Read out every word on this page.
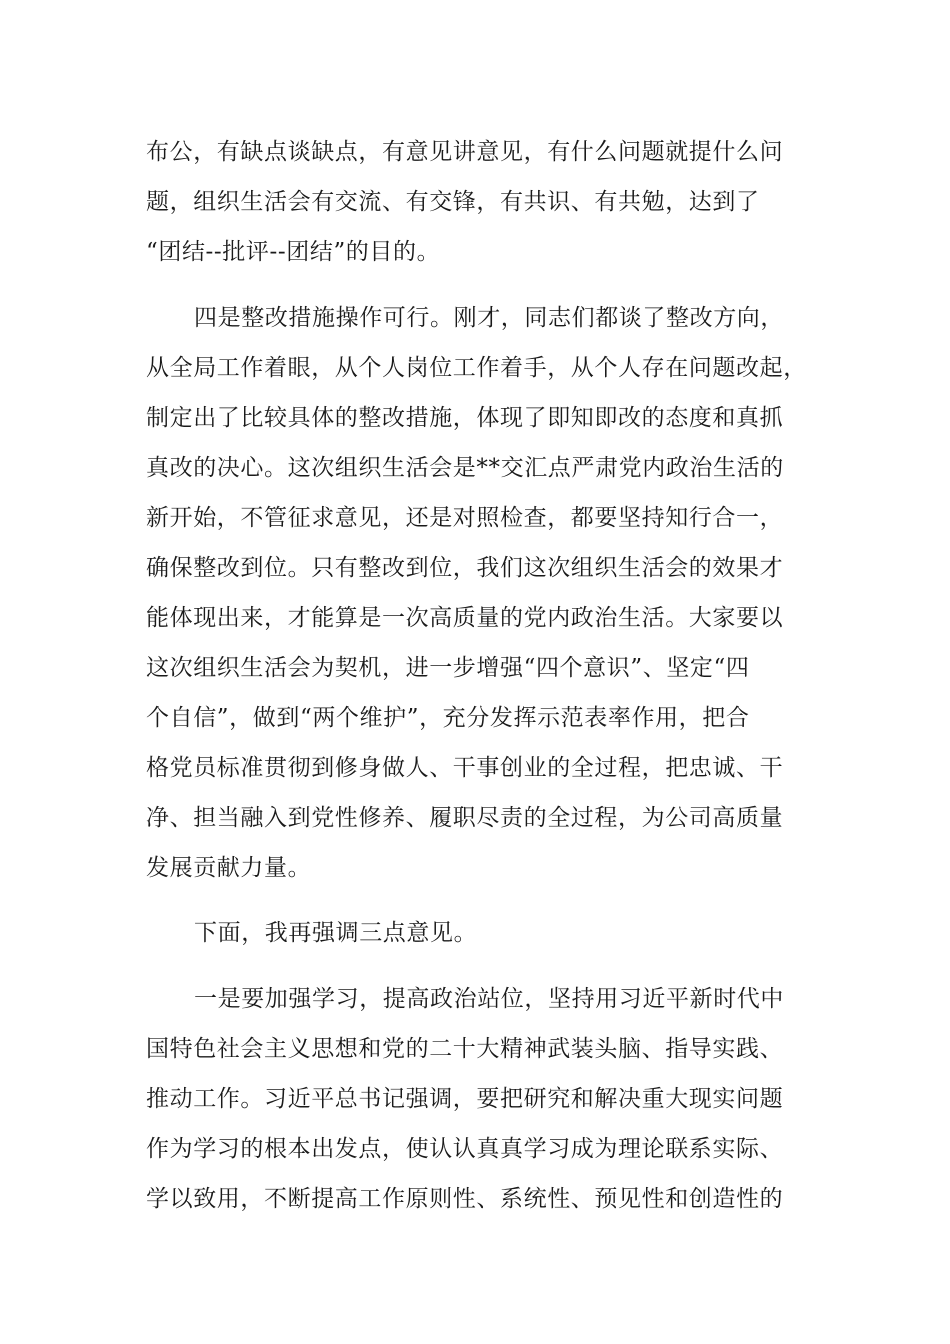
布公，有缺点谈缺点，有意见讲意见，有什么问题就提什么问
题，组织生活会有交流、有交锋，有共识、有共勉，达到了
“团结--批评--团结”的目的。
四是整改措施操作可行。刚才，同志们都谈了整改方向，
从全局工作着眼，从个人岗位工作着手，从个人存在问题改起，
制定出了比较具体的整改措施，体现了即知即改的态度和真抓
真改的决心。这次组织生活会是**交汇点严肃党内政治生活的
新开始，不管征求意见，还是对照检查，都要坚持知行合一，
确保整改到位。只有整改到位，我们这次组织生活会的效果才
能体现出来，才能算是一次高质量的党内政治生活。大家要以
这次组织生活会为契机，进一步增强“四个意识”、坚定“四
个自信”，做到“两个维护”，充分发挥示范表率作用，把合
格党员标准贯彻到修身做人、干事创业的全过程，把忠诚、干
净、担当融入到党性修养、履职尽责的全过程，为公司高质量
发展贡献力量。
下面，我再强调三点意见。
一是要加强学习，提高政治站位，坚持用习近平新时代中
国特色社会主义思想和党的二十大精神武装头脑、指导实践、
推动工作。习近平总书记强调，要把研究和解决重大现实问题
作为学习的根本出发点，使认认真真学习成为理论联系实际、
学以致用，不断提高工作原则性、系统性、预见性和创造性的
